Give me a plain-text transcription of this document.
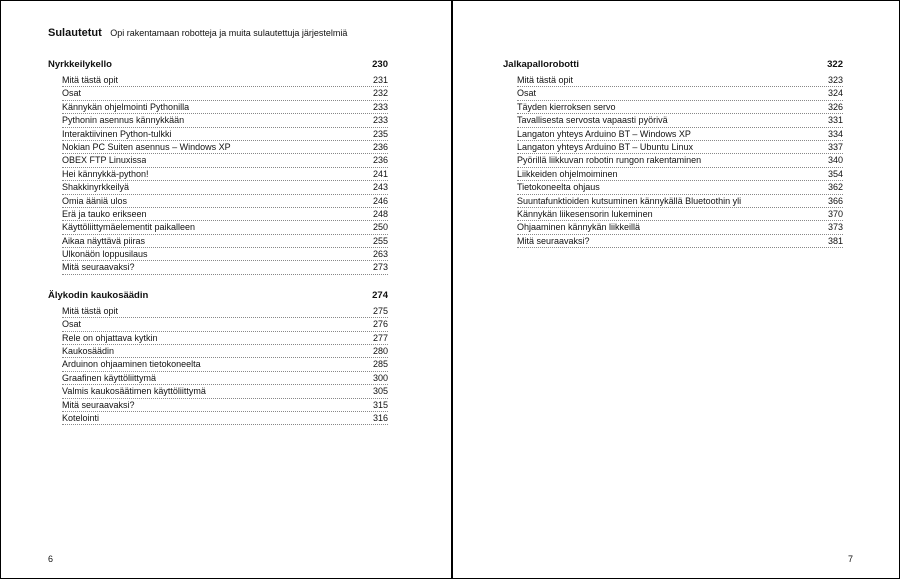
Sulautetut Opi rakentamaan robotteja ja muita sulautettuja järjestelmiä
Nyrkkeilykello	230
Mitä tästä opit	231
Osat	232
Kännykän ohjelmointi Pythonilla	233
Pythonin asennus kännykkään	233
Interaktiivinen Python-tulkki	235
Nokian PC Suiten asennus – Windows XP	236
OBEX FTP Linuxissa	236
Hei kännykkä-python!	241
Shakkinyrkkeilyä	243
Omia ääniä ulos	246
Erä ja tauko erikseen	248
Käyttöliittymäelementit paikalleen	250
Aikaa näyttävä piiras	255
Ulkonäön loppusilaus	263
Mitä seuraavaksi?	273
Älykodin kaukosäädin	274
Mitä tästä opit	275
Osat	276
Rele on ohjattava kytkin	277
Kaukosäädin	280
Arduinon ohjaaminen tietokoneelta	285
Graafinen käyttöliittymä	300
Valmis kaukosäätimen käyttöliittymä	305
Mitä seuraavaksi?	315
Kotelointi	316
6
Jalkapallorobotti	322
Mitä tästä opit	323
Osat	324
Täyden kierroksen servo	326
Tavallisesta servosta vapaasti pyörivä	331
Langaton yhteys Arduino BT – Windows XP	334
Langaton yhteys Arduino BT – Ubuntu Linux	337
Pyörillä liikkuvan robotin rungon rakentaminen	340
Liikkeiden ohjelmoiminen	354
Tietokoneelta ohjaus	362
Suuntafunktioiden kutsuminen kännykällä Bluetoothin yli	366
Kännykän liikesensorin lukeminen	370
Ohjaaminen kännykän liikkeillä	373
Mitä seuraavaksi?	381
7
